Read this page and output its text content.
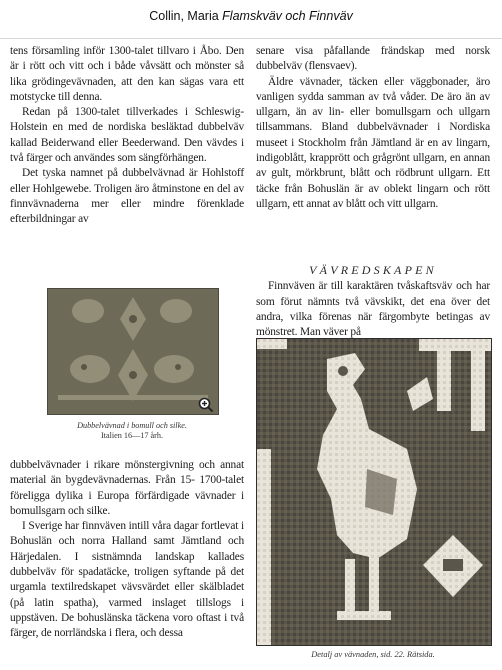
Collin, Maria Flamskväv och Finnväv

tens församling inför 1300-talet tillvaro i Åbo. Den är i rött och vitt och i både våvsätt och mönster så lika grödingevävnaden, att den kan sägas vara ett motstycke till denna.

Redan på 1300-talet tillverkades i Schleswig-Holstein en med de nordiska besläktad dubbelväv kallad Beiderwand eller Beederwand. Den vävdes i två färger och användes som sängförhängen.

Det tyska namnet på dubbelvävnad är Hohlstoff eller Hohlgewebe. Troligen äro åtminstone en del av finnvävnaderna mer eller mindre förenklade efterbildningar av

Dubbelvävnad i bomull och silke.
Italien 16—17 årh.

dubbelvävnader i rikare mönstergivning och annat material än bygdevävnadernas. Från 15- 1700-talet föreligga dylika i Europa förfärdigade vävnader i bomullsgarn och silke.

I Sverige har finnväven intill våra dagar fortlevat i Bohuslän och norra Halland samt Jämtland och Härjedalen. I sistnämnda landskap kallades dubbelväv för spadatäcke, troligen syftande på det urgamla textilredskapet vävsvärdet eller skälbladet (på latin spatha), varmed inslaget tillslogs i uppstäven. De bohuslänska täckena voro oftast i två färger, de norrländska i flera, och dessa

senare visa påfallande frändskap med norsk dubbelväv (flensvaev).

Äldre vävnader, täcken eller väggbonader, äro vanligen sydda samman av två våder. De äro än av ullgarn, än av lin- eller bomullsgarn och ullgarn tillsammans. Bland dubbelvävnader i Nordiska museet i Stockholm från Jämtland är en av lingarn, indigoblått, krapprött och grågrönt ullgarn, en annan av gult, mörkbrunt, blått och rödbrunt ullgarn. Ett täcke från Bohuslän är av oblekt lingarn och rött ullgarn, ett annat av blått och vitt ullgarn.

VÄVREDSKAPEN

Finnväven är till karaktären tvåskaftsväv och har som förut nämnts två vävskikt, det ena över det andra, vilka förenas när färgombyte betingas av mönstret. Man väver på

Detalj av vävnaden, sid. 22. Rätsida.
